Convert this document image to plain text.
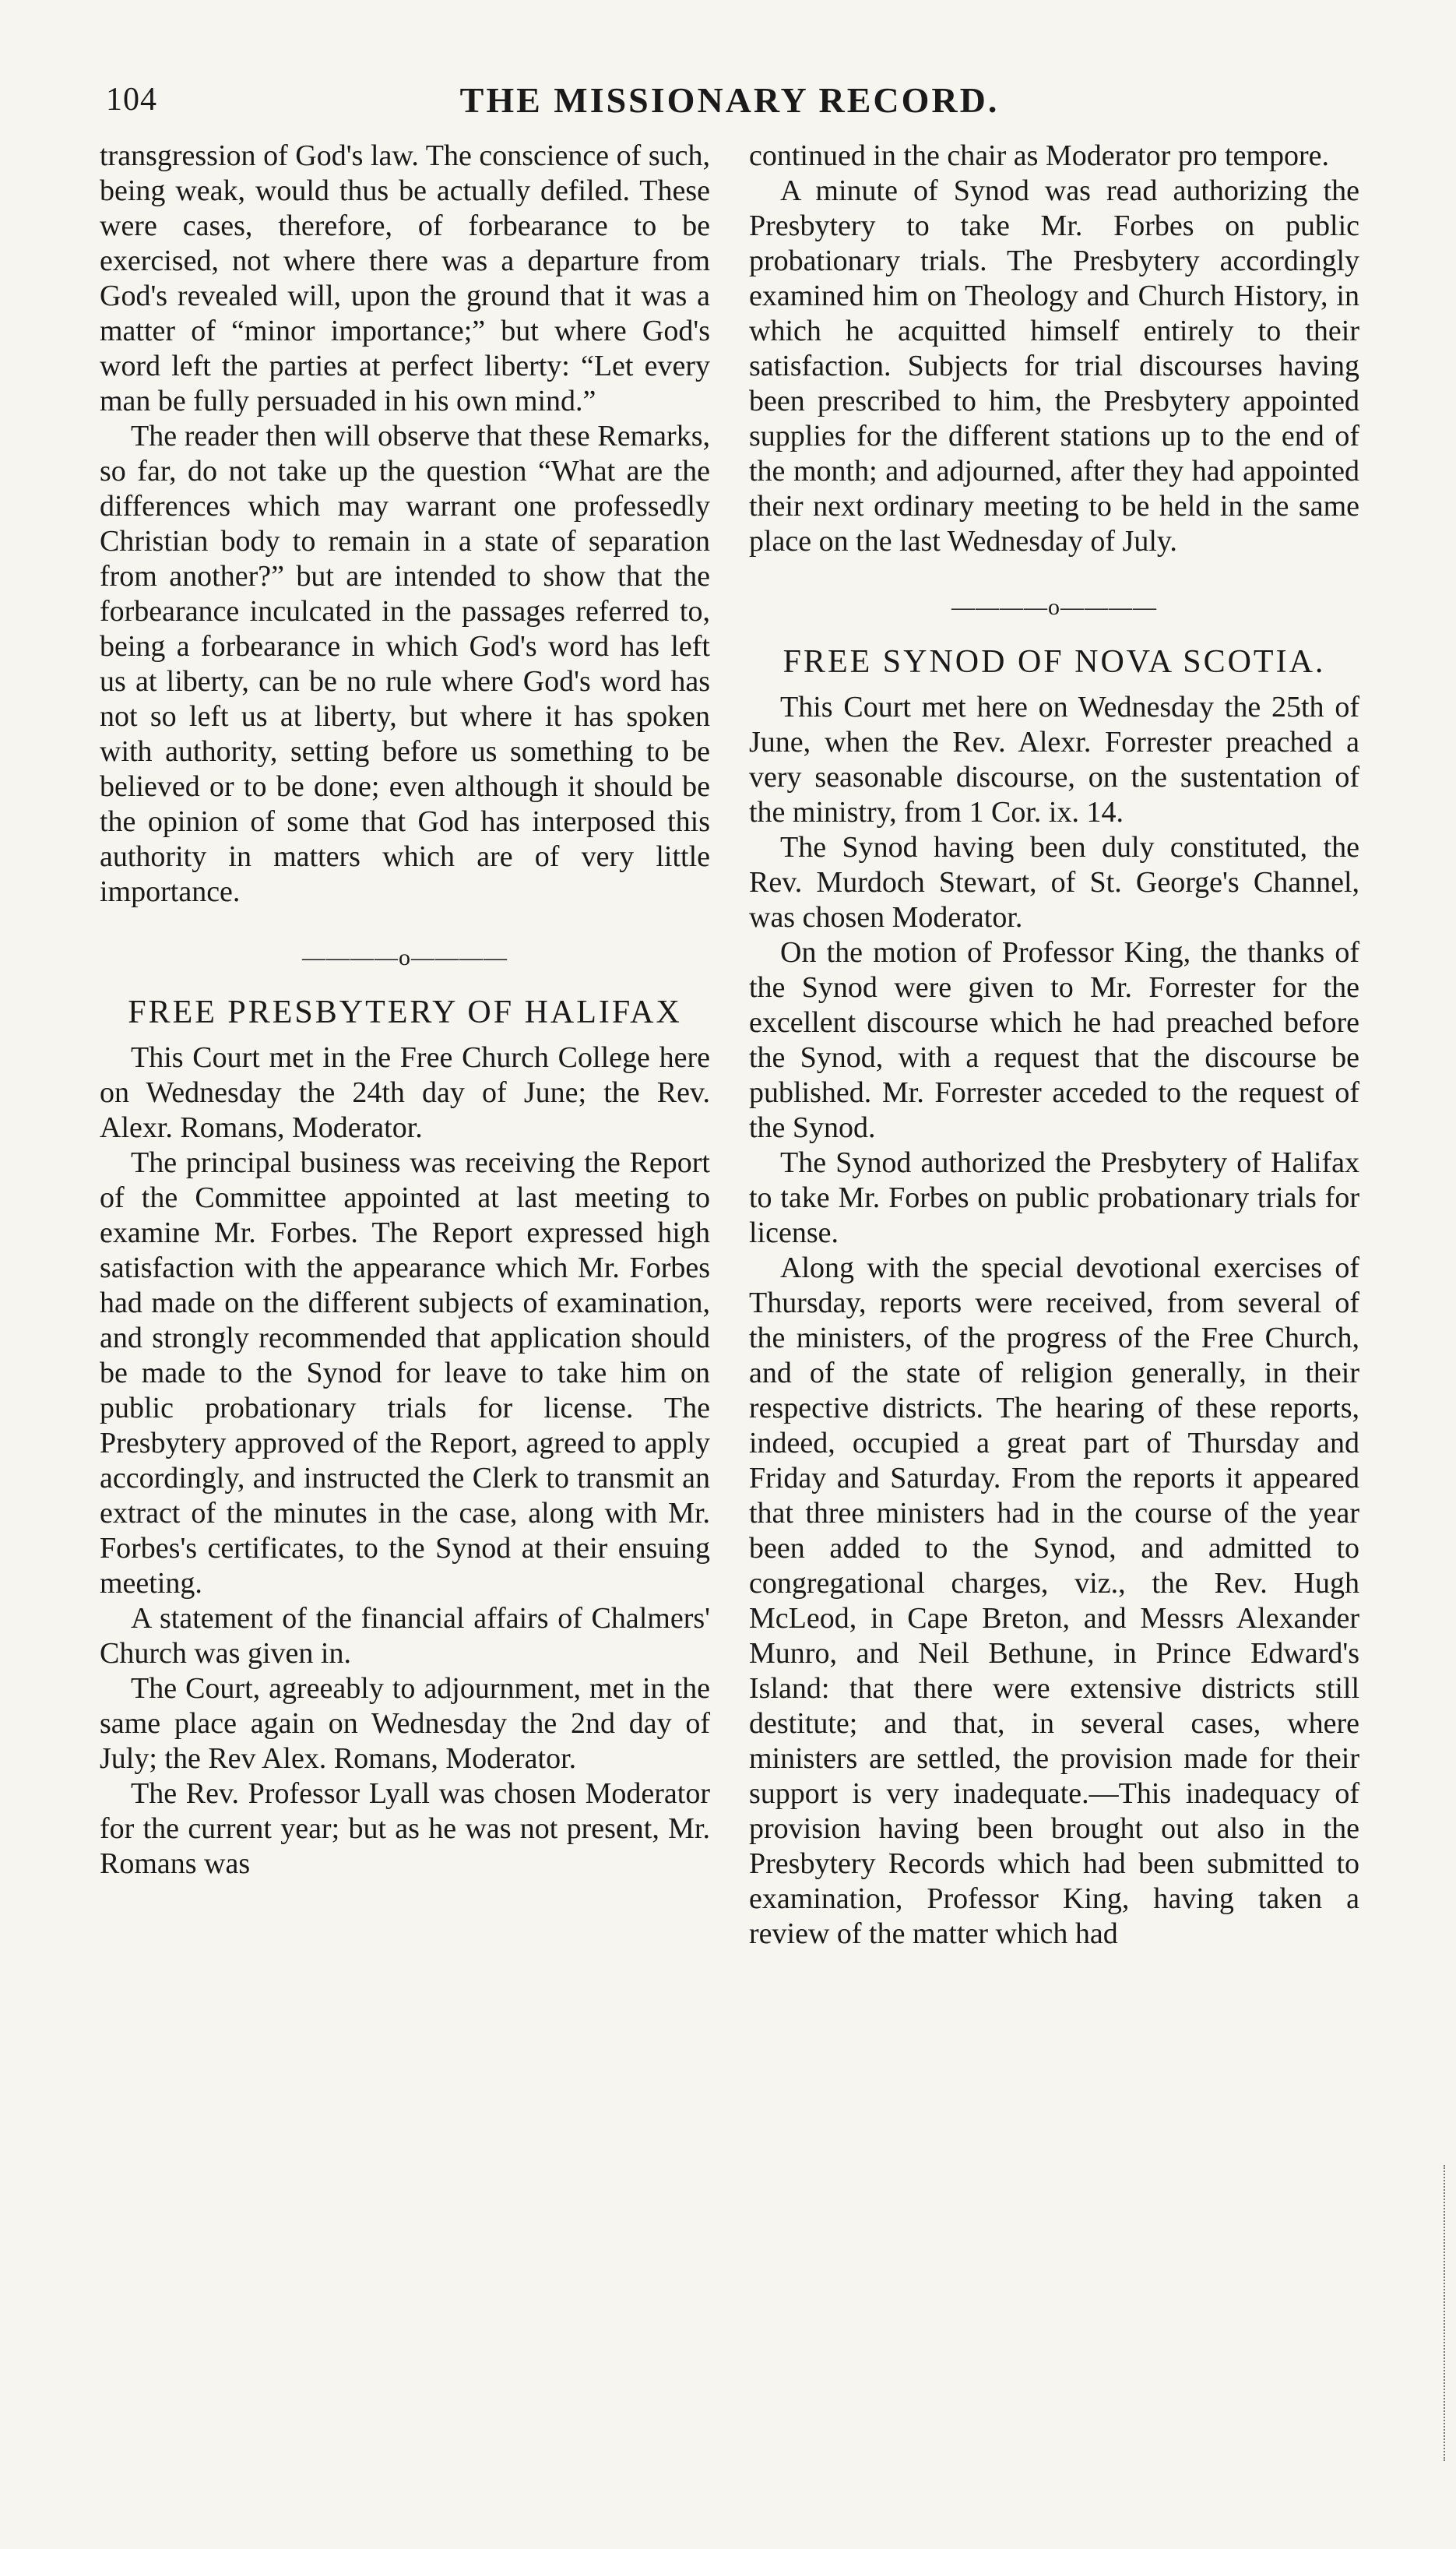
104	THE MISSIONARY RECORD.

transgression of God's law. The conscience of such, being weak, would thus be actually defiled. These were cases, therefore, of forbearance to be exercised, not where there was a departure from God's revealed will, upon the ground that it was a matter of “minor importance;” but where God's word left the parties at perfect liberty: “Let every man be fully persuaded in his own mind.”

The reader then will observe that these Remarks, so far, do not take up the question “What are the differences which may warrant one professedly Christian body to remain in a state of separation from another?” but are intended to show that the forbearance inculcated in the passages referred to, being a forbearance in which God's word has left us at liberty, can be no rule where God's word has not so left us at liberty, but where it has spoken with authority, setting before us something to be believed or to be done; even although it should be the opinion of some that God has interposed this authority in matters which are of very little importance.

————o————
FREE PRESBYTERY OF HALIFAX

This Court met in the Free Church College here on Wednesday the 24th day of June; the Rev. Alexr. Romans, Moderator.

The principal business was receiving the Report of the Committee appointed at last meeting to examine Mr. Forbes. The Report expressed high satisfaction with the appearance which Mr. Forbes had made on the different subjects of examination, and strongly recommended that application should be made to the Synod for leave to take him on public probationary trials for license. The Presbytery approved of the Report, agreed to apply accordingly, and instructed the Clerk to transmit an extract of the minutes in the case, along with Mr. Forbes's certificates, to the Synod at their ensuing meeting.

A statement of the financial affairs of Chalmers' Church was given in.

The Court, agreeably to adjournment, met in the same place again on Wednesday the 2nd day of July; the Rev Alex. Romans, Moderator.

The Rev. Professor Lyall was chosen Moderator for the current year; but as he was not present, Mr. Romans was

continued in the chair as Moderator pro tempore.

A minute of Synod was read authorizing the Presbytery to take Mr. Forbes on public probationary trials. The Presbytery accordingly examined him on Theology and Church History, in which he acquitted himself entirely to their satisfaction. Subjects for trial discourses having been prescribed to him, the Presbytery appointed supplies for the different stations up to the end of the month; and adjourned, after they had appointed their next ordinary meeting to be held in the same place on the last Wednesday of July.

————o————
FREE SYNOD OF NOVA SCOTIA.

This Court met here on Wednesday the 25th of June, when the Rev. Alexr. Forrester preached a very seasonable discourse, on the sustentation of the ministry, from 1 Cor. ix. 14.

The Synod having been duly constituted, the Rev. Murdoch Stewart, of St. George's Channel, was chosen Moderator.

On the motion of Professor King, the thanks of the Synod were given to Mr. Forrester for the excellent discourse which he had preached before the Synod, with a request that the discourse be published. Mr. Forrester acceded to the request of the Synod.

The Synod authorized the Presbytery of Halifax to take Mr. Forbes on public probationary trials for license.

Along with the special devotional exercises of Thursday, reports were received, from several of the ministers, of the progress of the Free Church, and of the state of religion generally, in their respective districts. The hearing of these reports, indeed, occupied a great part of Thursday and Friday and Saturday. From the reports it appeared that three ministers had in the course of the year been added to the Synod, and admitted to congregational charges, viz., the Rev. Hugh McLeod, in Cape Breton, and Messrs Alexander Munro, and Neil Bethune, in Prince Edward's Island: that there were extensive districts still destitute; and that, in several cases, where ministers are settled, the provision made for their support is very inadequate.—This inadequacy of provision having been brought out also in the Presbytery Records which had been submitted to examination, Professor King, having taken a review of the matter which had
